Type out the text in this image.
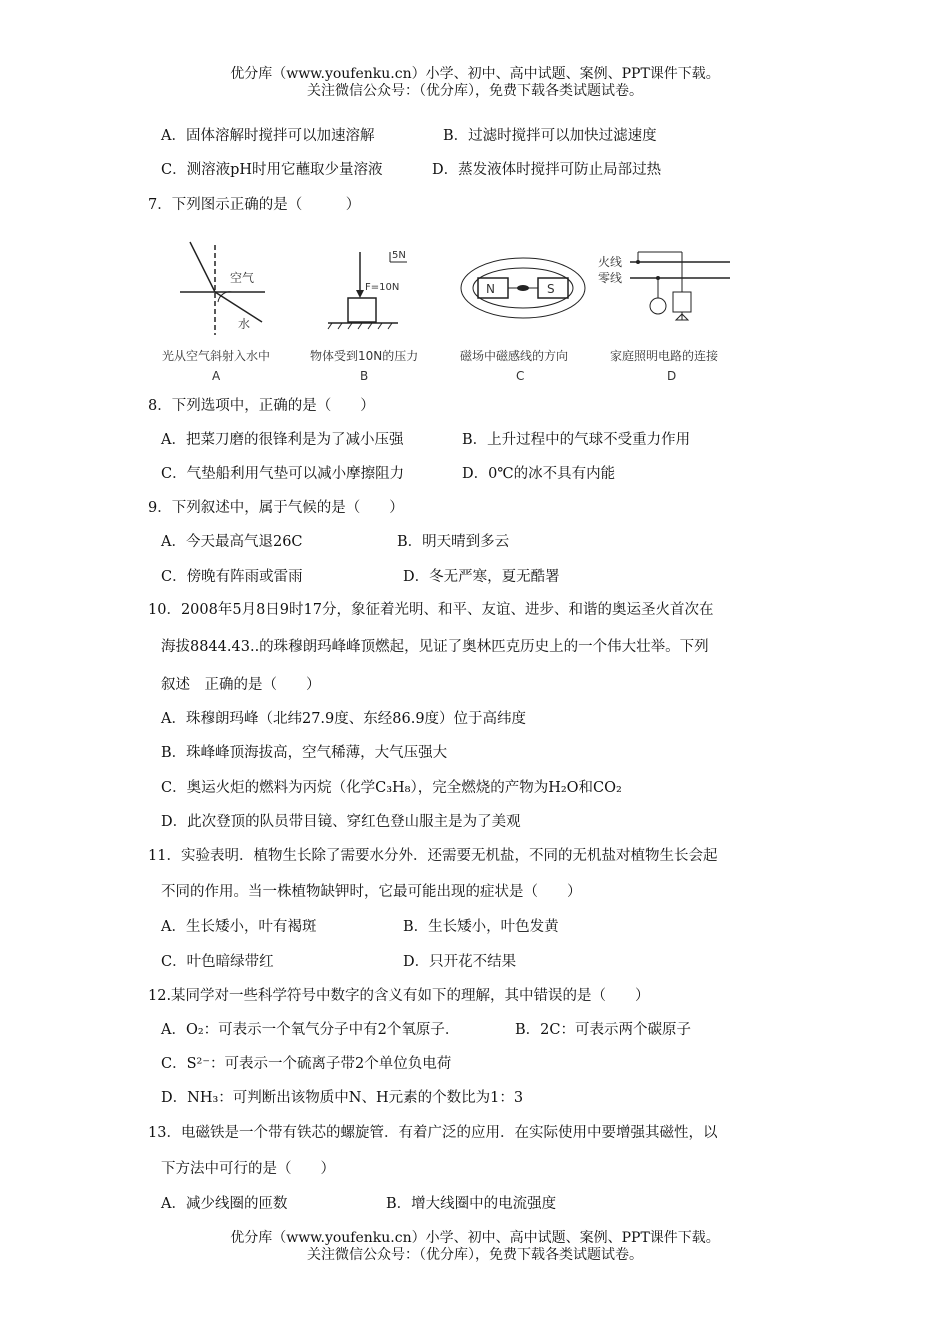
优分库（www.youfenku.cn）小学、初中、高中试题、案例、PPT课件下载。
关注微信公众号：（优分库），免费下载各类试题试卷。
A．固体溶解时搅拌可以加速溶解	B．过滤时搅拌可以加快过滤速度
C．测溶液pH时用它蘸取少量溶液	D．蒸发液体时搅拌可防止局部过热
7．下列图示正确的是（　　　）
空气
水
光从空气斜射入水中
A
5N
F=10N
物体受到10N的压力
B
N	S
磁场中磁感线的方向
C
火线
零线
家庭照明电路的连接
D
8．下列选项中，正确的是（　　）
A．把菜刀磨的很锋利是为了减小压强	B．上升过程中的气球不受重力作用
C．气垫船利用气垫可以减小摩擦阻力	D．0℃的冰不具有内能
9．下列叙述中，属于气候的是（　　）
A．今天最高气退26C	B．明天晴到多云
C．傍晚有阵雨或雷雨	D．冬无严寒，夏无酷署
10．2008年5月8日9时17分，象征着光明、和平、友谊、进步、和谐的奥运圣火首次在
海拔8844.43..的珠穆朗玛峰峰顶燃起，见证了奥林匹克历史上的一个伟大壮举。下列
叙述　正确的是（　　）
A．珠穆朗玛峰（北纬27.9度、东经86.9度）位于高纬度
B．珠峰峰顶海拔高，空气稀薄，大气压强大
C．奥运火炬的燃料为丙烷（化学C₃H₈），完全燃烧的产物为H₂O和CO₂
D．此次登顶的队员带目镜、穿红色登山服主是为了美观
11．实验表明．植物生长除了需要水分外．还需要无机盐，不同的无机盐对植物生长会起
不同的作用。当一株植物缺钾时，它最可能出现的症状是（　　）
A．生长矮小，叶有褐斑	B．生长矮小，叶色发黄
C．叶色暗绿带红	D．只开花不结果
12.某同学对一些科学符号中数字的含义有如下的理解，其中错误的是（　　）
A．O₂：可表示一个氧气分子中有2个氧原子．	B．2C：可表示两个碳原子
C．S²⁻：可表示一个硫离子带2个单位负电荷
D．NH₃：可判断出该物质中N、H元素的个数比为1：3
13．电磁铁是一个带有铁芯的螺旋管．有着广泛的应用．在实际使用中要增强其磁性，以
下方法中可行的是（　　）
A．减少线圈的匝数	B．增大线圈中的电流强度
优分库（www.youfenku.cn）小学、初中、高中试题、案例、PPT课件下载。
关注微信公众号：（优分库），免费下载各类试题试卷。
